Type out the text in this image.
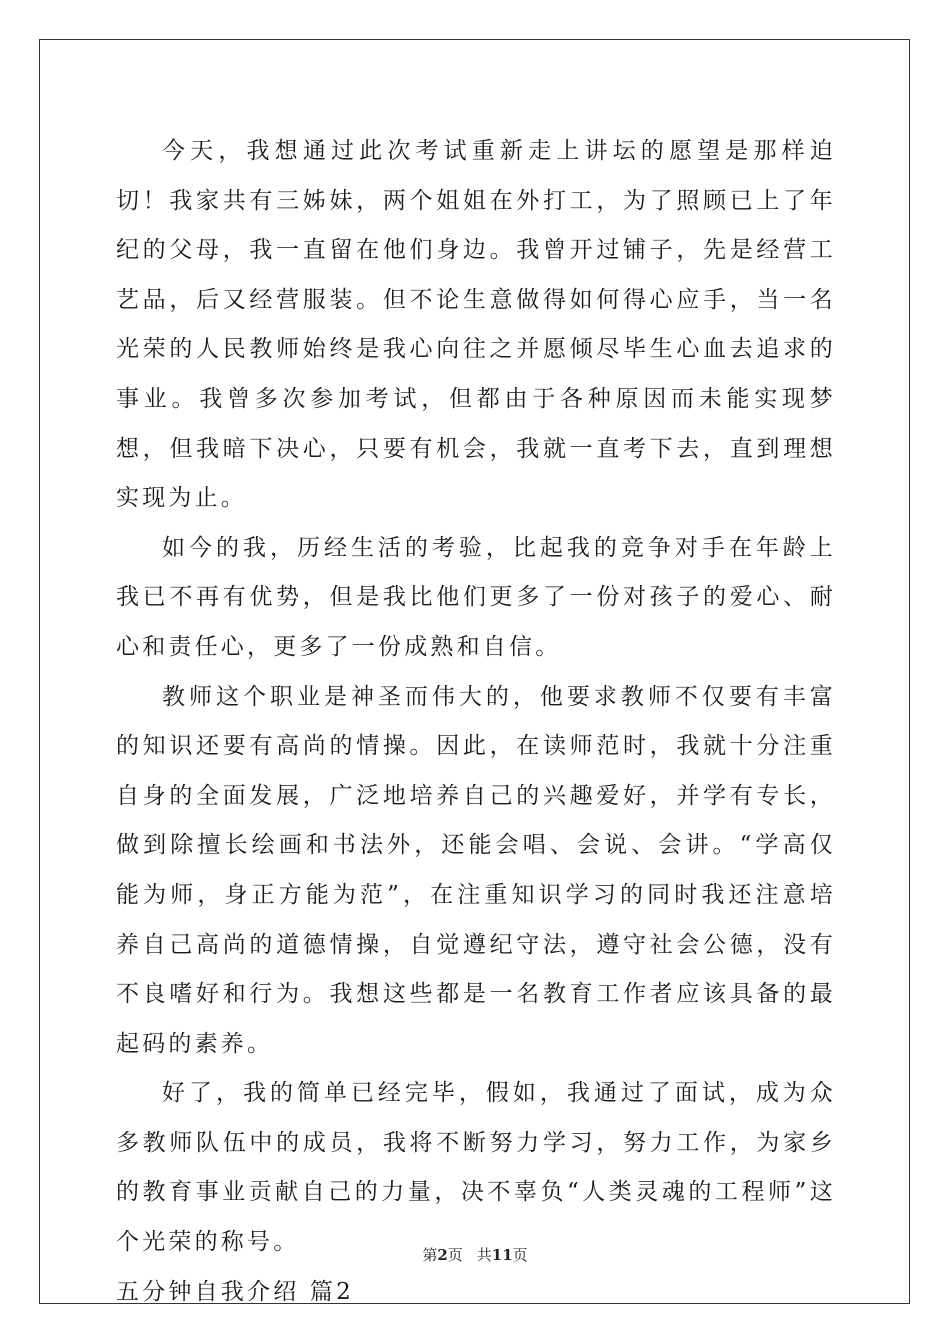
今天，我想通过此次考试重新走上讲坛的愿望是那样迫切！我家共有三姊妹，两个姐姐在外打工，为了照顾已上了年纪的父母，我一直留在他们身边。我曾开过铺子，先是经营工艺品，后又经营服装。但不论生意做得如何得心应手，当一名光荣的人民教师始终是我心向往之并愿倾尽毕生心血去追求的事业。我曾多次参加考试，但都由于各种原因而未能实现梦想，但我暗下决心，只要有机会，我就一直考下去，直到理想实现为止。

如今的我，历经生活的考验，比起我的竞争对手在年龄上我已不再有优势，但是我比他们更多了一份对孩子的爱心、耐心和责任心，更多了一份成熟和自信。

教师这个职业是神圣而伟大的，他要求教师不仅要有丰富的知识还要有高尚的情操。因此，在读师范时，我就十分注重自身的全面发展，广泛地培养自己的兴趣爱好，并学有专长，做到除擅长绘画和书法外，还能会唱、会说、会讲。“学高仅能为师，身正方能为范”，在注重知识学习的同时我还注意培养自己高尚的道德情操，自觉遵纪守法，遵守社会公德，没有不良嗜好和行为。我想这些都是一名教育工作者应该具备的最起码的素养。

好了，我的简单已经完毕，假如，我通过了面试，成为众多教师队伍中的成员，我将不断努力学习，努力工作，为家乡的教育事业贡献自己的力量，决不辜负“人类灵魂的工程师”这个光荣的称号。

五分钟自我介绍 篇2

第2页 共11页
